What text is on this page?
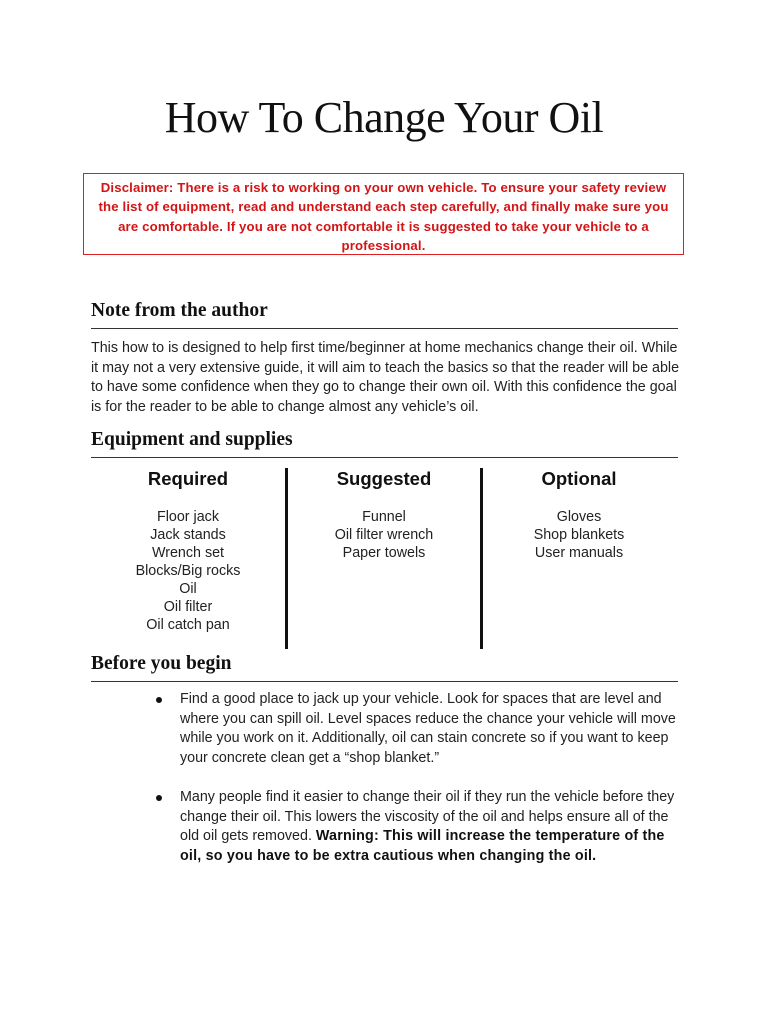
How To Change Your Oil
Disclaimer: There is a risk to working on your own vehicle. To ensure your safety review the list of equipment, read and understand each step carefully, and finally make sure you are comfortable. If you are not comfortable it is suggested to take your vehicle to a professional.
Note from the author

This how to is designed to help first time/beginner at home mechanics change their oil. While it may not a very extensive guide, it will aim to teach the basics so that the reader will be able to have some confidence when they go to change their own oil. With this confidence the goal is for the reader to be able to change almost any vehicle’s oil.

Equipment and supplies
Required	Suggested	Optional
Floor jack
Jack stands
Wrench set
Blocks/Big rocks
Oil
Oil filter
Oil catch pan
Funnel
Oil filter wrench
Paper towels
Gloves
Shop blankets
User manuals
Before you begin
Find a good place to jack up your vehicle. Look for spaces that are level and where you can spill oil. Level spaces reduce the chance your vehicle will move while you work on it. Additionally, oil can stain concrete so if you want to keep your concrete clean get a “shop blanket.”
Many people find it easier to change their oil if they run the vehicle before they change their oil. This lowers the viscosity of the oil and helps ensure all of the old oil gets removed. Warning: This will increase the temperature of the oil, so you have to be extra cautious when changing the oil.
